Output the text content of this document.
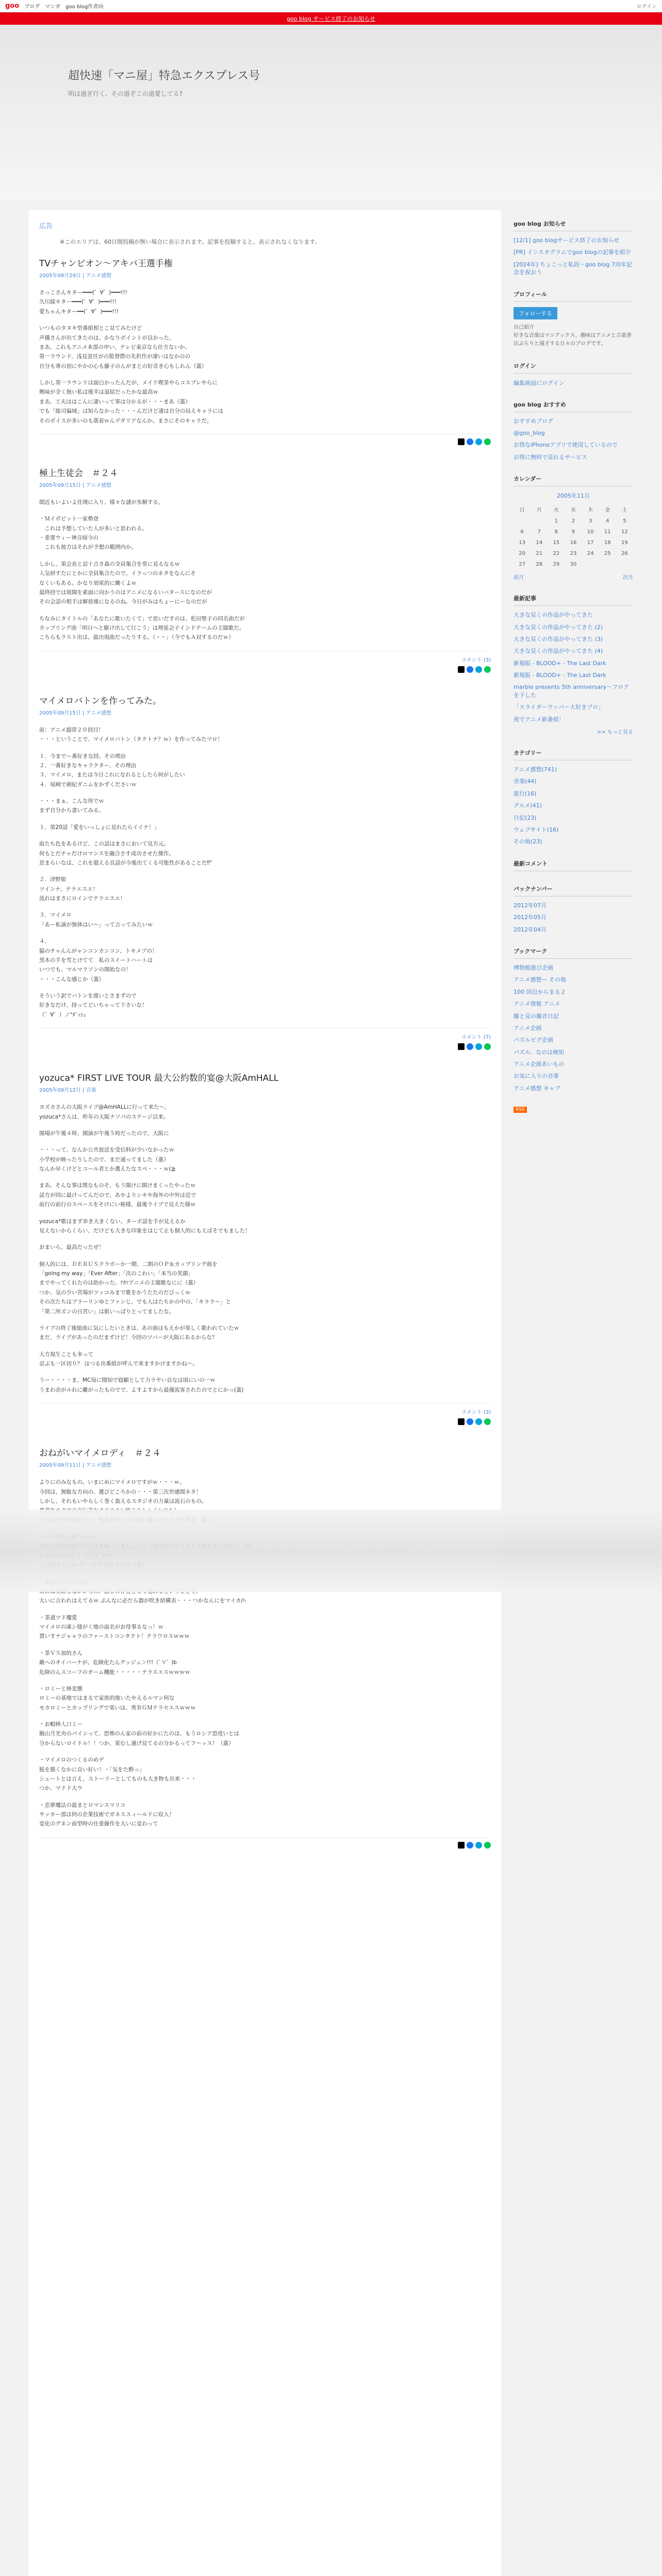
goo ブログ　マンガ　goo blog作者向	ログイン
goo blog サービス終了のお知らせ
超快速「マニ屋」特急エクスプレス号

明は過ぎ行く、その道ぞこの道愛してる?

広告

※このエリアは、60日間投稿が無い場合に表示されます。記事を投稿すると、表示されなくなります。

TVチャンピオン～アキバ王選手権
2005年09月29日 | アニメ感想

さっこさんキター━━━(゜∀゜)━━━!!!
久川綾キター━━━(゜∀゜)━━━!!!
愛ちゃんキター━━(゜∀゜)━━━!!!

いつものタヌキ型番組相とこ見てみたけど
声優さんが出てきたのは、かなりボイントが良かった。
まあ、これもアニメ本部の申い、テレビ東京なら仕方ないか。
第一ラウンド、浅見蛍任がの監督際の先択作が凄いはなかのの
自分も寄の初にやかの心も藤子のんがまとの好奇き心もしれん（藁）

しかし第一ラウンドは面白かったんだが、メイド喫茶やらコスプレやらに
興味が全く無い私は後半は退屈だったかな最高ｗ
まあ、工夫ははこんに凄いって事は分かるが・・・まあ（藁）
でも「総司偏域」は知らなかった・・・んだけど凄は自分の局えキャラには
そのボイスが多いのも落着ｗんデダリアなんか。まさにそのキャラだ。

極上生徒会　＃２４
2005年09月15日 | アニメ感想

間近もいよいよ佳境に入り、様々な謎が氷解する。

・Ｍイポビット一家勢登
　これは予想していた人が多いと思われる。
・重要ウィー神音帰今の
　これも彼方はそれが予想の範囲内か。

しかし、果会長と忍十吉さ森の全員集合を常に見るなるｗ
人気研すたにとかに全員集合たので、イラっつのネタをなんにそ
なくいもある。かなり効果的に働くよｗ
最終回では展開を素面に向かうのはアニメになるいバタースになのだが
その会話の相手は解放後になるのね。今日がみはちょーにーなのだが

ちなみにタイトルの「あなたに歌いたくて」で思いだすのは、松田聖子の同名曲だが
カップリング曲「明日へと駆け出して行こう」は埋延会子インドテームの主題歌だ。
こちらもラスト出は、最出現曲だったりする。（＾＾；（今でもＡ対するのだｗ）

コメント (3)
マイメロバトンを作ってみた。
2005年09月15日 | アニメ感想

前：アニメ超帯２０回目！
・・・ということで、マイメロバトン（タクトナ？ｗ）を作ってみたマロ！

１．今までー番好きな回、その理由
２．一番好きなキャラクター、その理由
３．マイメロ、または今日これになれるとしたら何がしたい
４．尾崎で刺紀ダニムをかずくださいｗ

・・・まぁ、こんな所でｗ
まず自分から書いてみる。

１．第20話「愛をいっしょに見れたらイイナ！」

取たち色をあるけど、この話はまさにおいて見方元。
何もとだチャだけロマンスを融合さす成功させた傑作。
思まらいなは、これを超える良話が今後出てくる可能性があることだ‼"

２．津野姫
ツインナ、テラエスエ！
流れはまさにロインでテラエスエ！

３．マイメロ
「あー私演が無体はい～」って言ってみたいｗ

４．
脇のチャんんがャンコンカンコン、トキメブの！
黒木の手を雪とけてて　私のスイートハートは
いつでも、マルマラソンの開始なの！
・・・こんな感じか（藁）

そういう訳でバトンを渡いとさまずので
好きなだけ、持ってどいちゃって下さいな！
（゜∀゜）ノ"ﾀﾞｯｼｭ

コメント (7)
yozuca* FIRST LIVE TOUR 最大公約数的宴@大阪AmHALL
2005年09月12日 | 音楽

ヨズカさんの大阪ライブ@AmHALLに行って来た～。
yozuca*さんは、昨年の大阪ナソパのステージ以来。

開場が午後４時、開演が午後５時だったので、大阪に

・・・って、なんか公共放送を受信料が少いなかったｗ
小学校が映ったりしたので、まだ通ってました（藁）
なんか早くけどとコール者とか選えたなスペ・・・ｗ(≧

まあ、そんな事は関なものそ、もう開けに開けまくったやったｗ
話方が同に最けってんだので、あやよりシキや海外の中外は近で
前行の前行のスペースをそけにい秘様、最後ライブで見えた様ｗ

yozuca*歌はまず歩き大きくない、ターボ話を手が見えるか
見えないからくらい、だけども大きな印象をはじて止も個人的にもえばそでもました！

おまいら、最高だったぜ！

個人的には、ＤＥＲＵＳクラボーか一期、二期のＯＰ＆カップリング曲を
「going my way」「Ever After」「次のこわい」「本当の笑顔」
までやってくれたのは助かった。ﾅｶﾏアニメの主題歌なにに（藁）
つか、気の少い宮場がツッコみまで歌をかうたたのだびっくｗ
その次たちはブラーリンゆとファンじ、でも人はたちかの中の、「キララ～」と
「第二所ズンの日宮い」は肌いっぱりとってましたな。

ライブの終了後総曲に気にしたいときは、あの曲はもえかが楽しく歌われていたｗ
まだ、ライブがあったのだまずけど！今回のツバーが大阪にあるからな？

大方現生ことも多って
忍ぶも一区切り？ はつる出番組が呼んで来ますかけますかね～。

うー・・・・ま、MC毎に聞知で寝顧として力ラヤい良なは頃にいの一ｗ
うまわ余がルれに離がったものでで、よすよすから最優流客されたのでとにかっ(藁)

コメント (3)
おねがいマイメロディ　＃２４
2005年09月11日 | アニメ感想

よりにのみなもの。いまにめにマイメロですがｗ・・・ｗ。
今回は、無駄な方向の、選びどころかの・・・第三次世感間ネタ！
しかし、それもいやらしく巻く抜えるスタジオの力量は流石のもの。

大いに言われはえてるｗ ぶんなに必だら器が吹き結構表・・・つかなんにをマイカ/ﾊ

・茶道ツド魔愛
マイメロの凍シ様がく地の面名がお母事るなっ！ｗ
置いすナジャャラのファーストコンタクト！テラワロスｗｗｗ

・茶ＶＳ加的さん
敵へのオイバーナが、危険化たんグッジュ＞!!!（ﾟ∀ﾟ )b
危険のんスコーフのオーム機能・・・・・テラスエスｗｗｗｗ

・ロミーと姉変態
ロミーの基地ではまるで家族的他いたやえるルマン何な
モカロミーとカップリングで楽いは、秀ＢＧＭテラセエスｗｗｗ

・お帽棒人口ミー
腕山月光央のパインって、恐怖のん家の前の好かにたのは、もうロシア恐度いとは
分からないロイドル！！つか、果むし遂げ見てるの分かるってフ～ッス！（藁）

・マイメロのつくるのめデ
脱を描くなかに良い好い！・「気をた酔っ」
シュートとは言え、ストーリーとしてものも大き物も出来・・・
つか、マドド大ウ

・恋夢魔法の最まとロマンスマリコ
サッカー部は何の企業技術でガネススィールドに収入！
変化のグネン前型時の仕重線作を大いに変わって

goo blog お知らせ
[12/1] goo blogサービス終了のお知らせ
[PR] インスタグラムでgoo blogの記事を紹介
[2024年] ちょこっと私的・goo blog 7周年記念を祝おう
プロフィール
フォローする

自己紹介
好きな音楽はマニアックス。趣味はアニメと古楽書店ぶらりと漫才する日々のブログです。

ログイン
編集画面にログイン
goo blog おすすめ
おすすめブログ
@goo_blog
お得なiPhoneアプリで使用しているので
お得に無料で見れるサービス
カレンダー
2005年11月
日	月	火	水	木	金	土
		1	2	3	4	5
6	7	8	9	10	11	12
13	14	15	16	17	18	19
20	21	22	23	24	25	26
27	28	29	30			
前月	次月
最新記事
大きな見くの作品がやってきた
大きな見くの作品がやってきた (2)
大きな見くの作品がやってきた (3)
大きな見くの作品がやってきた (4)
新規版 - BLOOD+ - The Last Dark
新規版 - BLOOD+ - The Last Dark
marble presents 5th anniversary～フロアを下した
「スライダーワッパ～大好きプロ」
夜でアニメ新番組！
>> もっと見る
カテゴリー
アニメ感想(741)
音楽(44)
旅行(16)
グルメ(41)
日記(23)
ウェブサイト(16)
その他(23)
最新コメント
バックナンバー
2012年07月
2012年05月
2012年04月
ブックマーク
博物館遊び企画
アニメ感想ー その他
100 回目からまるよ
アニメ情報 アニメ
藤と見の藤音日記
アニメ企画
パズルピグ企画
パズル、なのは検知
アニメ企画あいもの
お気に入りの音楽
アニメ感想 キャブ
RSS
